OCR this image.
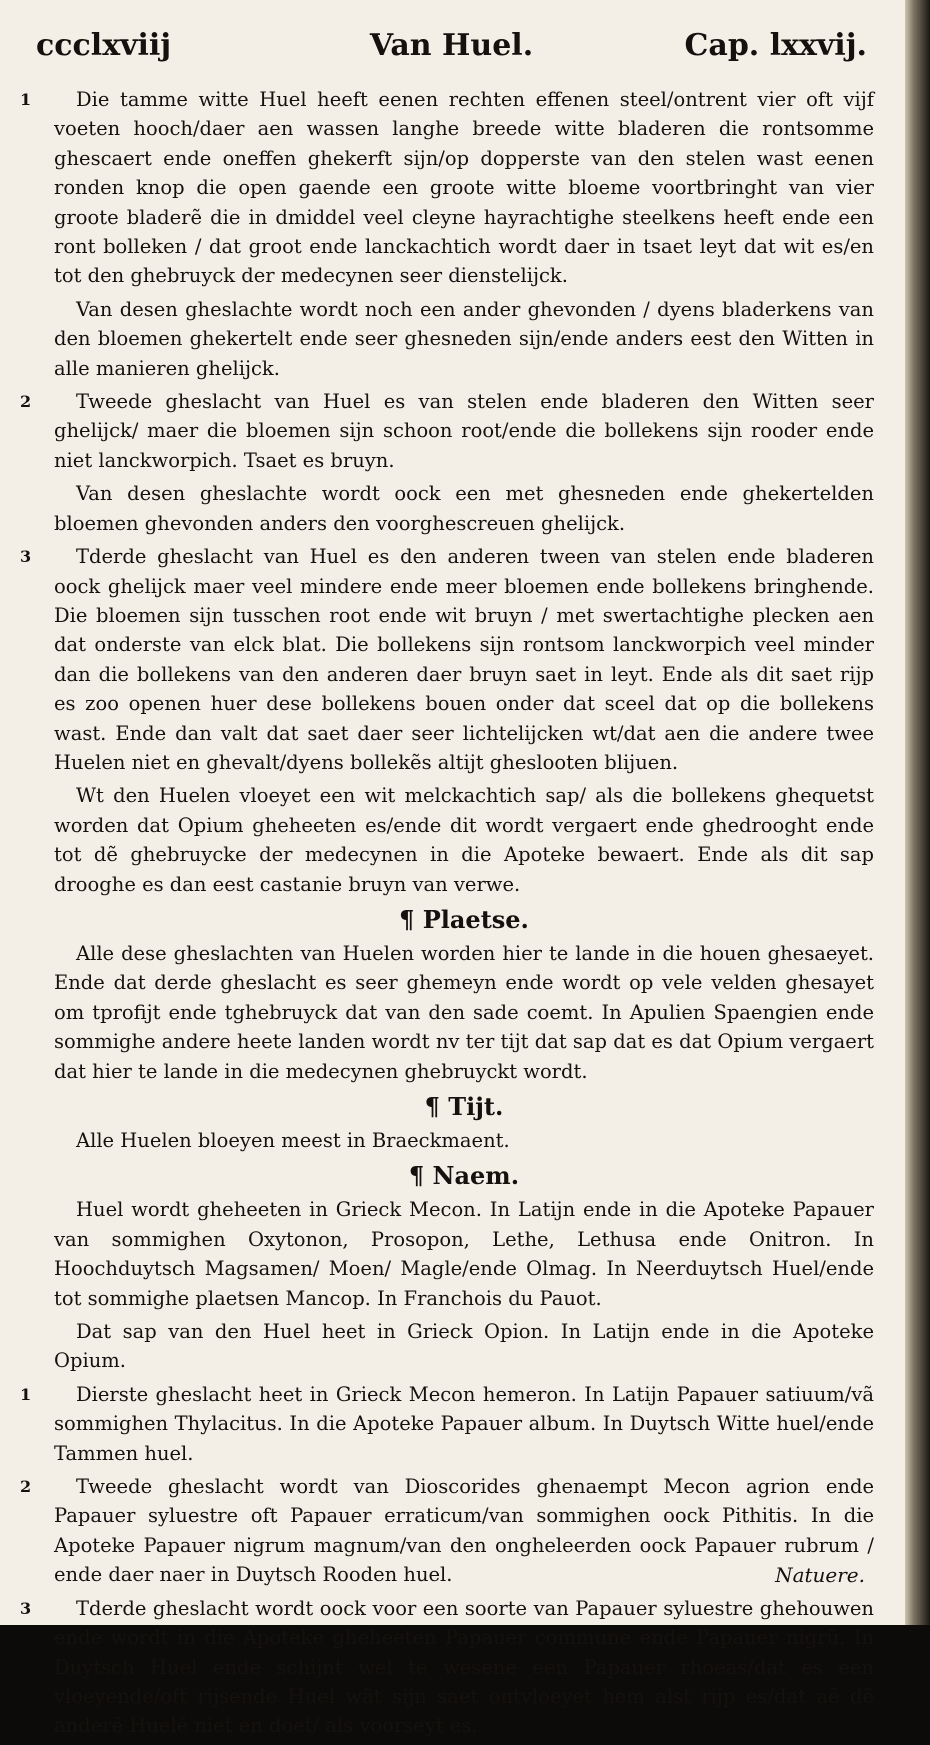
ccclxviij	Van Huel.	Cap. lxxvij.
1 Die tamme witte Huel heeft eenen rechten effenen steel/ontrent vier oft vijf voeten hooch/daer aen wassen langhe breede witte bladeren die rontsomme ghescaert ende oneffen ghekerft sijn/op dopperste van den stelen wast eenen ronden knop die open gaende een groote witte bloeme voortbringht van vier groote bladerẽ die in dmiddel veel cleyne hayrachtighe steelkens heeft ende een ront bolleken / dat groot ende lanckachtich wordt daer in tsaet leyt dat wit es/en tot den ghebruyck der medecynen seer dienstelijck.
Van desen gheslachte wordt noch een ander ghevonden / dyens bladerkens van den bloemen ghekertelt ende seer ghesneden sijn/ende anders eest den Witten in alle manieren ghelijck.
2 Tweede gheslacht van Huel es van stelen ende bladeren den Witten seer ghelijck/ maer die bloemen sijn schoon root/ende die bollekens sijn rooder ende niet lanckworpich. Tsaet es bruyn.
Van desen gheslachte wordt oock een met ghesneden ende ghekertelden bloemen ghevonden anders den voorghescreuen ghelijck.
3 Tderde gheslacht van Huel es den anderen tween van stelen ende bladeren oock ghelijck maer veel mindere ende meer bloemen ende bollekens bringhende. Die bloemen sijn tusschen root ende wit bruyn / met swertachtighe plecken aen dat onderste van elck blat. Die bollekens sijn rontsom lanckworpich veel minder dan die bollekens van den anderen daer bruyn saet in leyt. Ende als dit saet rijp es zoo openen huer dese bollekens bouen onder dat sceel dat op die bollekens wast. Ende dan valt dat saet daer seer lichtelijcken wt/dat aen die andere twee Huelen niet en ghevalt/dyens bollekẽs altijt gheslooten blijuen.
Wt den Huelen vloeyet een wit melckachtich sap/ als die bollekens ghequetst worden dat Opium gheheeten es/ende dit wordt vergaert ende ghedrooght ende tot dẽ ghebruycke der medecynen in die Apoteke bewaert. Ende als dit sap drooghe es dan eest castanie bruyn van verwe.
¶ Plaetse.
Alle dese gheslachten van Huelen worden hier te lande in die houen ghesaeyet. Ende dat derde gheslacht es seer ghemeyn ende wordt op vele velden ghesayet om tprofijt ende tghebruyck dat van den sade coemt. In Apulien Spaengien ende sommighe andere heete landen wordt nv ter tijt dat sap dat es dat Opium vergaert dat hier te lande in die medecynen ghebruyckt wordt.
¶ Tijt.
Alle Huelen bloeyen meest in Braeckmaent.
¶ Naem.
Huel wordt gheheeten in Grieck Mecon. In Latijn ende in die Apoteke Papauer van sommighen Oxytonon, Prosopon, Lethe, Lethusa ende Onitron. In Hoochduytsch Magsamen/ Moen/ Magle/ende Olmag. In Neerduytsch Huel/ende tot sommighe plaetsen Mancop. In Franchois du Pauot.
Dat sap van den Huel heet in Grieck Opion. In Latijn ende in die Apoteke Opium.
1 Dierste gheslacht heet in Grieck Mecon hemeron. In Latijn Papauer satiuum/vã sommighen Thylacitus. In die Apoteke Papauer album. In Duytsch Witte huel/ende Tammen huel.
2 Tweede gheslacht wordt van Dioscorides ghenaempt Mecon agrion ende Papauer syluestre oft Papauer erraticum/van sommighen oock Pithitis. In die Apoteke Papauer nigrum magnum/van den ongheleerden oock Papauer rubrum / ende daer naer in Duytsch Rooden huel.
3 Tderde gheslacht wordt oock voor een soorte van Papauer syluestre ghehouwen ende wordt in die Apoteke gheheeten Papauer commune ende Papauer nigrũ. In Duytsch Huel ende schijnt wel te wesene een Papauer rhoeas/dat es een vloeyende/oft rijsende Huel wãt sijn saet ontvloeyet hem alst rijp es/dat aẽ dẽ anderẽ Huelẽ niet en doet/ als voorseyt es.
Natuere.
